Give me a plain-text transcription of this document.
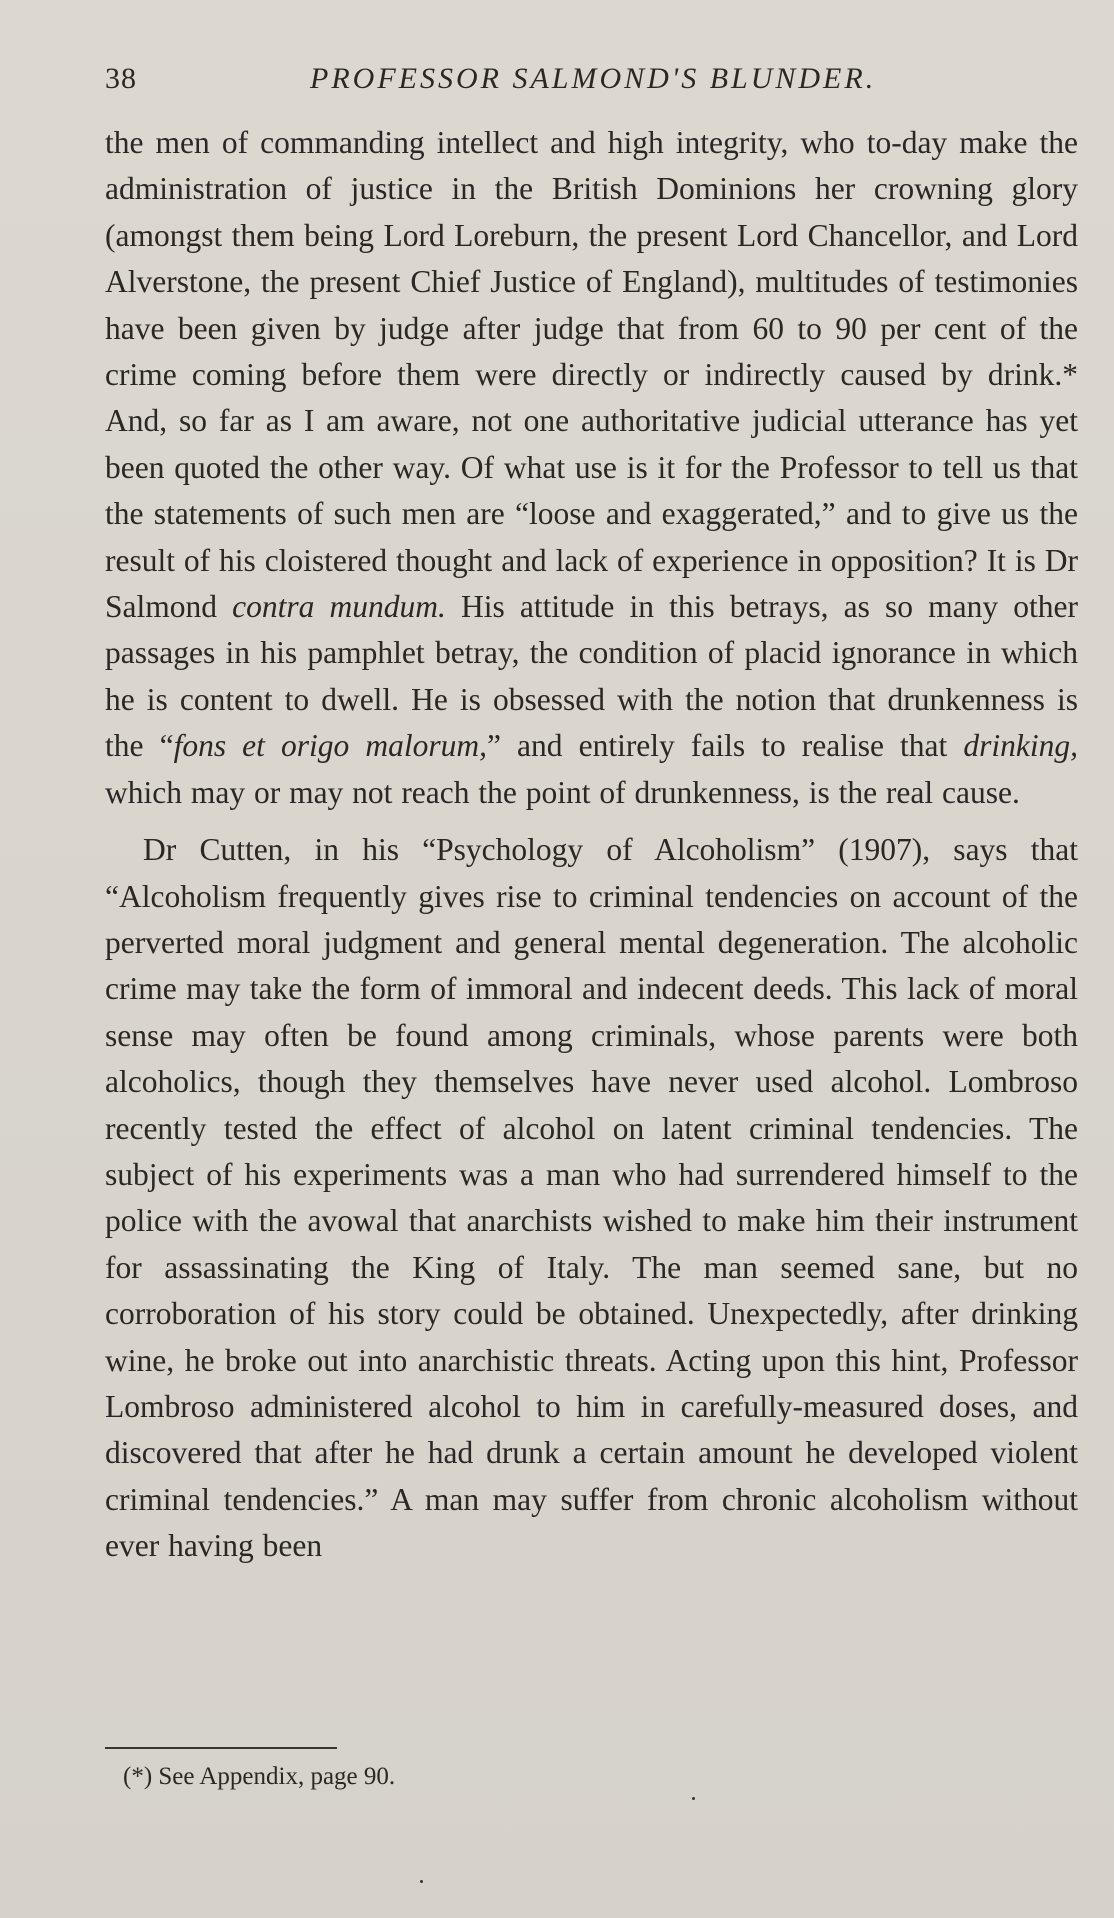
38	PROFESSOR SALMOND'S BLUNDER.

the men of commanding intellect and high integrity, who to-day make the administration of justice in the British Dominions her crowning glory (amongst them being Lord Loreburn, the present Lord Chancellor, and Lord Alverstone, the present Chief Justice of England), multitudes of testimonies have been given by judge after judge that from 60 to 90 per cent of the crime coming before them were directly or indirectly caused by drink.* And, so far as I am aware, not one authoritative judicial utterance has yet been quoted the other way. Of what use is it for the Professor to tell us that the statements of such men are “loose and exaggerated,” and to give us the result of his cloistered thought and lack of experience in opposition? It is Dr Salmond contra mundum. His attitude in this betrays, as so many other passages in his pamphlet betray, the condition of placid ignorance in which he is content to dwell. He is obsessed with the notion that drunkenness is the “fons et origo malorum,” and entirely fails to realise that drinking, which may or may not reach the point of drunkenness, is the real cause.

Dr Cutten, in his “Psychology of Alcoholism” (1907), says that “Alcoholism frequently gives rise to criminal tendencies on account of the perverted moral judgment and general mental degeneration. The alcoholic crime may take the form of immoral and indecent deeds. This lack of moral sense may often be found among criminals, whose parents were both alcoholics, though they themselves have never used alcohol. Lombroso recently tested the effect of alcohol on latent criminal tendencies. The subject of his experiments was a man who had surrendered himself to the police with the avowal that anarchists wished to make him their instrument for assassinating the King of Italy. The man seemed sane, but no corroboration of his story could be obtained. Unexpectedly, after drinking wine, he broke out into anarchistic threats. Acting upon this hint, Professor Lombroso administered alcohol to him in carefully-measured doses, and discovered that after he had drunk a certain amount he developed violent criminal tendencies.” A man may suffer from chronic alcoholism without ever having been

(*) See Appendix, page 90.
